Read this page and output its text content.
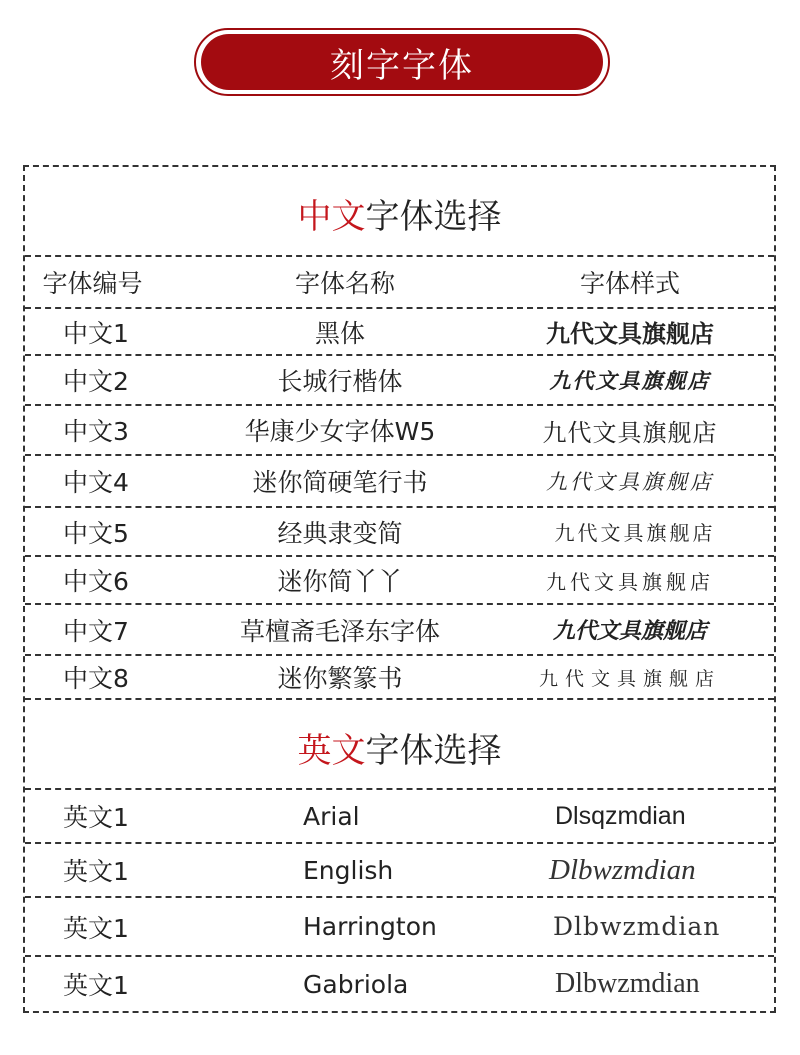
刻字字体
中文字体选择
字体编号	字体名称	字体样式
中文1	黑体	九代文具旗舰店
中文2	长城行楷体	九代文具旗舰店
中文3	华康少女字体W5	九代文具旗舰店
中文4	迷你简硬笔行书	九代文具旗舰店
中文5	经典隶变简	九代文具旗舰店
中文6	迷你简丫丫	九代文具旗舰店
中文7	草檀斋毛泽东字体	九代文具旗舰店
中文8	迷你繁篆书	九代文具旗舰店
英文字体选择
英文1	Arial	Dlsqzmdian
英文1	English	Dlbwzmdian
英文1	Harrington	Dlbwzmdian
英文1	Gabriola	Dlbwzmdian
